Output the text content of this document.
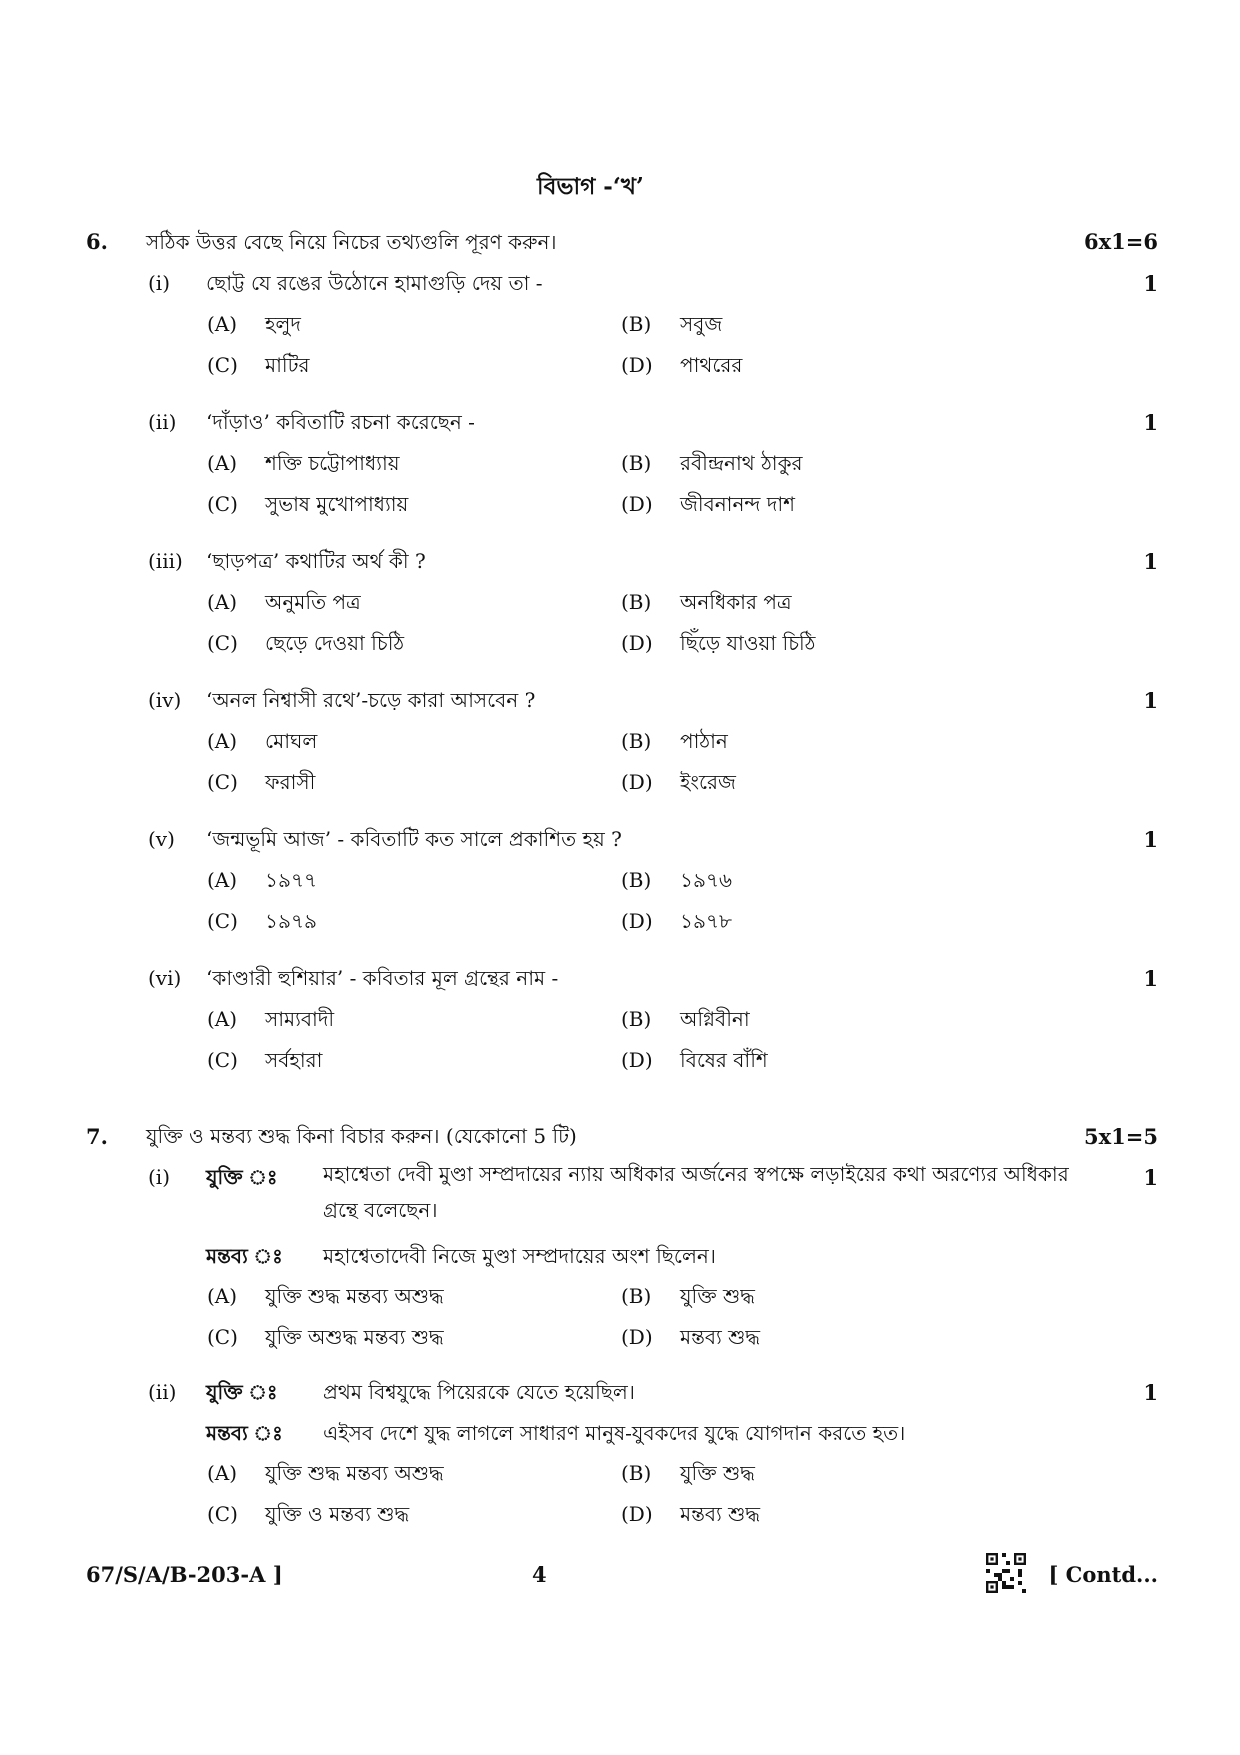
বিভাগ -‘খ’
6. সঠিক উত্তর বেছে নিয়ে নিচের তথ্যগুলি পূরণ করুন।	6x1=6
(i) ছোট্ট যে রঙের উঠোনে হামাগুড়ি দেয় তা -	1
(A) হলুদ	(B) সবুজ
(C) মাটির	(D) পাথরের
(ii) ‘দাঁড়াও’ কবিতাটি রচনা করেছেন -	1
(A) শক্তি চট্টোপাধ্যায়	(B) রবীন্দ্রনাথ ঠাকুর
(C) সুভাষ মুখোপাধ্যায়	(D) জীবনানন্দ দাশ
(iii) ‘ছাড়পত্র’ কথাটির অর্থ কী ?	1
(A) অনুমতি পত্র	(B) অনধিকার পত্র
(C) ছেড়ে দেওয়া চিঠি	(D) ছিঁড়ে যাওয়া চিঠি
(iv) ‘অনল নিশ্বাসী রথে’-চড়ে কারা আসবেন ?	1
(A) মোঘল	(B) পাঠান
(C) ফরাসী	(D) ইংরেজ
(v) ‘জন্মভূমি আজ’ - কবিতাটি কত সালে প্রকাশিত হয় ?	1
(A) ১৯৭৭	(B) ১৯৭৬
(C) ১৯৭৯	(D) ১৯৭৮
(vi) ‘কাণ্ডারী হুশিয়ার’ - কবিতার মূল গ্রন্থের নাম -	1
(A) সাম্যবাদী	(B) অগ্নিবীনা
(C) সর্বহারা	(D) বিষের বাঁশি
7. যুক্তি ও মন্তব্য শুদ্ধ কিনা বিচার করুন। (যেকোনো 5 টি)	5x1=5
(i) যুক্তি ঃ মহাশ্বেতা দেবী মুণ্ডা সম্প্রদায়ের ন্যায় অধিকার অর্জনের স্বপক্ষে লড়াইয়ের কথা অরণ্যের অধিকার গ্রন্থে বলেছেন।
1
মন্তব্য ঃ মহাশ্বেতাদেবী নিজে মুণ্ডা সম্প্রদায়ের অংশ ছিলেন।
(A) যুক্তি শুদ্ধ মন্তব্য অশুদ্ধ	(B) যুক্তি শুদ্ধ
(C) যুক্তি অশুদ্ধ মন্তব্য শুদ্ধ	(D) মন্তব্য শুদ্ধ
(ii) যুক্তি ঃ প্রথম বিশ্বযুদ্ধে পিয়েরকে যেতে হয়েছিল।	1
মন্তব্য ঃ এইসব দেশে যুদ্ধ লাগলে সাধারণ মানুষ-যুবকদের যুদ্ধে যোগদান করতে হত।
(A) যুক্তি শুদ্ধ মন্তব্য অশুদ্ধ	(B) যুক্তি শুদ্ধ
(C) যুক্তি ও মন্তব্য শুদ্ধ	(D) মন্তব্য শুদ্ধ
67/S/A/B-203-A ]	4	[ Contd...
